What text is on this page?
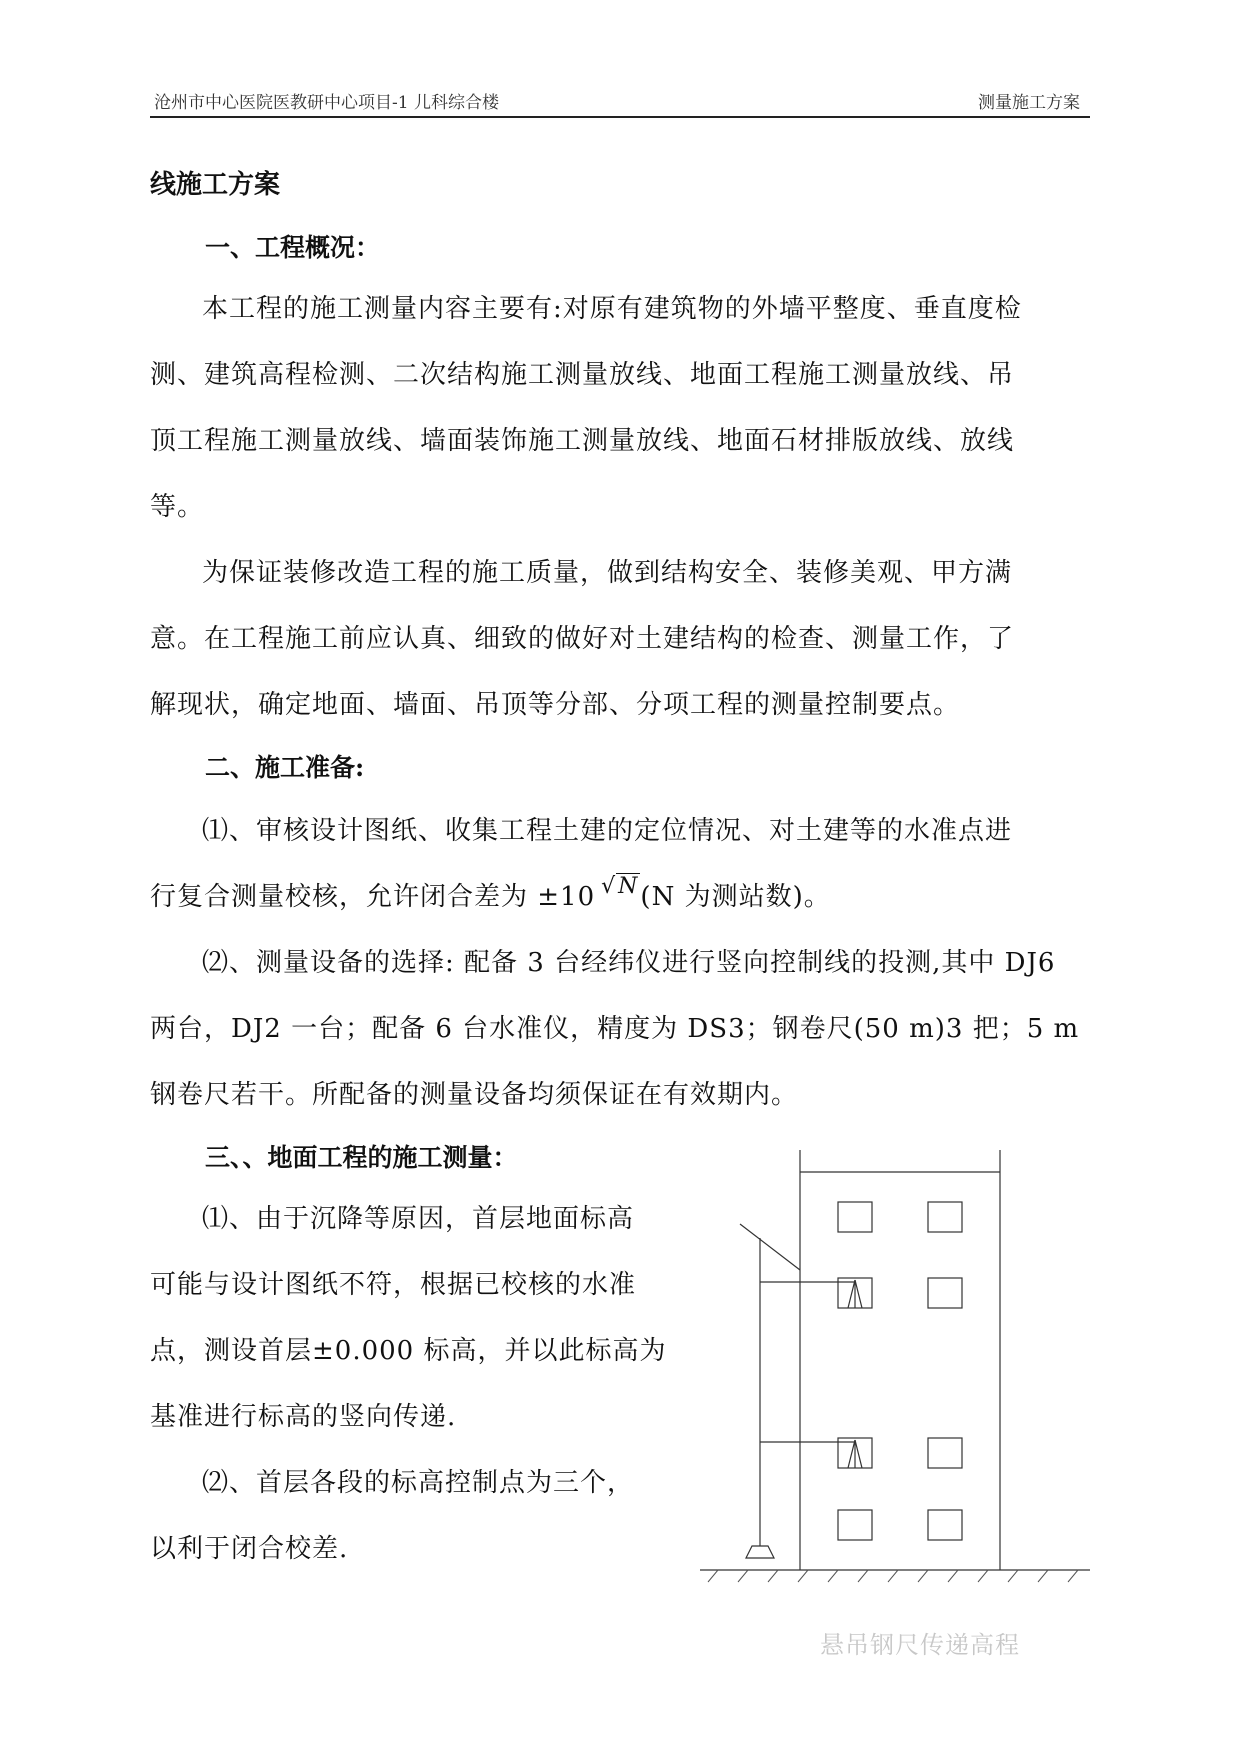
沧州市中心医院医教研中心项目-1 儿科综合楼	测量施工方案
线施工方案
一、工程概况：
本工程的施工测量内容主要有:对原有建筑物的外墙平整度、垂直度检
测、建筑高程检测、二次结构施工测量放线、地面工程施工测量放线、吊
顶工程施工测量放线、墙面装饰施工测量放线、地面石材排版放线、放线
等。
为保证装修改造工程的施工质量，做到结构安全、装修美观、甲方满
意。在工程施工前应认真、细致的做好对土建结构的检查、测量工作，了
解现状，确定地面、墙面、吊顶等分部、分项工程的测量控制要点。
二、施工准备:
⑴、审核设计图纸、收集工程土建的定位情况、对土建等的水准点进
行复合测量校核，允许闭合差为 ±10 $^{√N}$(N 为测站数)。
⑵、测量设备的选择: 配备 3 台经纬仪进行竖向控制线的投测,其中 DJ6
两台，DJ2 一台；配备 6 台水准仪，精度为 DS3；钢卷尺(50 m)3 把；5 m
钢卷尺若干。所配备的测量设备均须保证在有效期内。
三、、地面工程的施工测量：
⑴、由于沉降等原因，首层地面标高
可能与设计图纸不符，根据已校核的水准
点，测设首层±0.000 标高，并以此标高为
基准进行标高的竖向传递.
⑵、首层各段的标高控制点为三个，
以利于闭合校差.
悬吊钢尺传递高程
